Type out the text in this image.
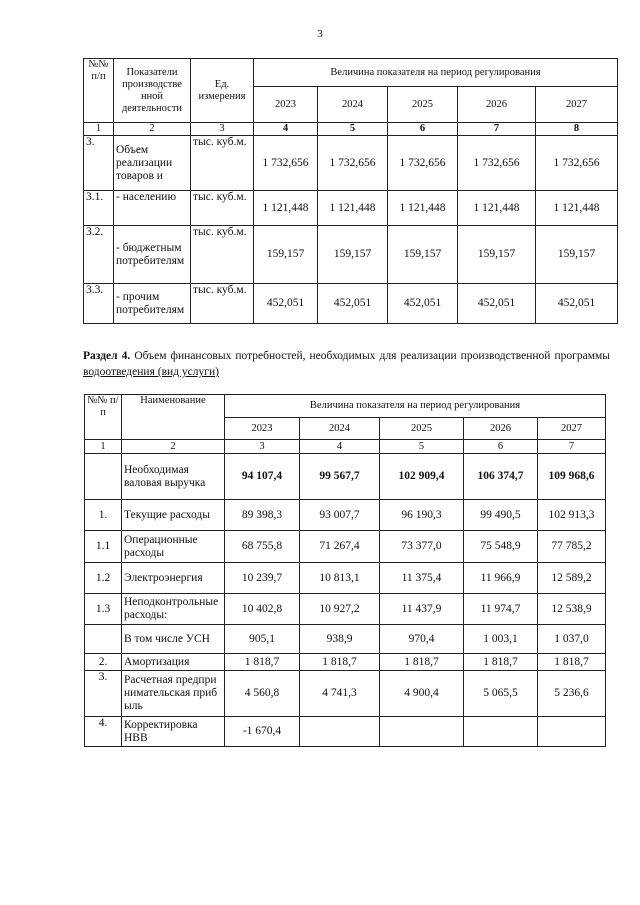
3
№№ п/п	Показатели производстве нной деятельности	Ед. измерения	Величина показателя на период регулирования				
			2023	2024	2025	2026	2027
1	2	3	4	5	6	7	8
3.	Объем реализации товаров и	тыс. куб.м.	1 732,656	1 732,656	1 732,656	1 732,656	1 732,656
3.1.	- населению	тыс. куб.м.	1 121,448	1 121,448	1 121,448	1 121,448	1 121,448
3.2.	- бюджетным потребителям	тыс. куб.м.	159,157	159,157	159,157	159,157	159,157
3.3.	- прочим потребителям	тыс. куб.м.	452,051	452,051	452,051	452,051	452,051
Раздел 4. Объем финансовых потребностей, необходимых для реализации производственной программы водоотведения (вид услуги)
№№ п/п	Наименование	Величина показателя на период регулирования				
		2023	2024	2025	2026	2027
1	2	3	4	5	6	7
	Необходимая валовая выручка	94 107,4	99 567,7	102 909,4	106 374,7	109 968,6
1.	Текущие расходы	89 398,3	93 007,7	96 190,3	99 490,5	102 913,3
1.1	Операционные расходы	68 755,8	71 267,4	73 377,0	75 548,9	77 785,2
1.2	Электроэнергия	10 239,7	10 813,1	11 375,4	11 966,9	12 589,2
1.3	Неподконтрольные расходы:	10 402,8	10 927,2	11 437,9	11 974,7	12 538,9
	В том числе УСН	905,1	938,9	970,4	1 003,1	1 037,0
2.	Амортизация	1 818,7	1 818,7	1 818,7	1 818,7	1 818,7
3.	Расчетная предпринимательская прибыль	4 560,8	4 741,3	4 900,4	5 065,5	5 236,6
4.	Корректировка НВВ	-1 670,4				
